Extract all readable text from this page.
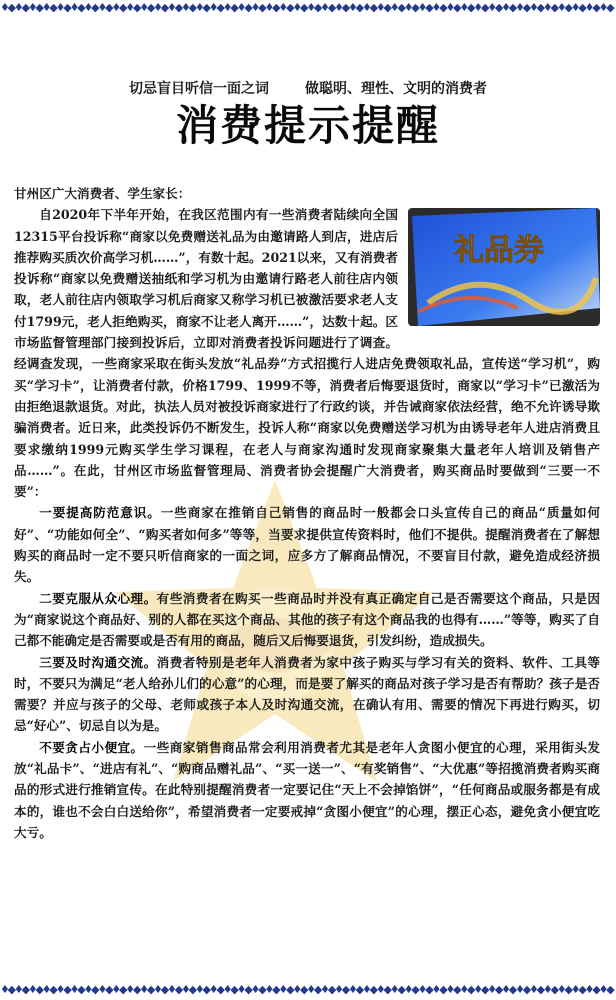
♦◆♦◆♦◆♦◆♦◆♦◆♦◆♦◆♦◆♦◆♦◆♦◆♦◆♦◆♦◆♦◆♦◆♦◆♦◆♦◆♦◆♦◆♦◆♦◆♦◆♦◆♦◆♦◆♦◆♦◆♦◆♦◆♦◆♦◆♦◆♦◆♦◆♦◆♦◆♦◆♦◆♦◆♦◆♦◆
切忌盲目听信一面之词	做聪明、理性、文明的消费者
消费提示提醒

甘州区广大消费者、学生家长：

礼品券
自2020年下半年开始，在我区范围内有一些消费者陆续向全国12315平台投诉称“商家以免费赠送礼品为由邀请路人到店，进店后推荐购买质次价高学习机……”，有数十起。2021以来，又有消费者投诉称“商家以免费赠送抽纸和学习机为由邀请行路老人前往店内领取，老人前往店内领取学习机后商家又称学习机已被激活要求老人支付1799元，老人拒绝购买，商家不让老人离开……”，达数十起。区市场监督管理部门接到投诉后，立即对消费者投诉问题进行了调查。经调查发现，一些商家采取在街头发放“礼品券”方式招揽行人进店免费领取礼品，宣传送“学习机”，购买“学习卡”，让消费者付款，价格1799、1999不等，消费者后悔要退货时，商家以“学习卡”已激活为由拒绝退款退货。对此，执法人员对被投诉商家进行了行政约谈，并告诫商家依法经营，绝不允许诱导欺骗消费者。近日来，此类投诉仍不断发生，投诉人称“商家以免费赠送学习机为由诱导老年人进店消费且要求缴纳1999元购买学生学习课程，在老人与商家沟通时发现商家聚集大量老年人培训及销售产品……”。在此，甘州区市场监督管理局、消费者协会提醒广大消费者，购买商品时要做到“三要一不要”：

一要提高防范意识。一些商家在推销自己销售的商品时一般都会口头宣传自己的商品“质量如何好”、“功能如何全”、“购买者如何多”等等，当要求提供宣传资料时，他们不提供。提醒消费者在了解想购买的商品时一定不要只听信商家的一面之词，应多方了解商品情况，不要盲目付款，避免造成经济损失。

二要克服从众心理。有些消费者在购买一些商品时并没有真正确定自己是否需要这个商品，只是因为“商家说这个商品好、别的人都在买这个商品、其他的孩子有这个商品我的也得有……”等等，购买了自己都不能确定是否需要或是否有用的商品，随后又后悔要退货，引发纠纷，造成损失。

三要及时沟通交流。消费者特别是老年人消费者为家中孩子购买与学习有关的资料、软件、工具等时，不要只为满足“老人给孙儿们的心意”的心理，而是要了解买的商品对孩子学习是否有帮助？孩子是否需要？并应与孩子的父母、老师或孩子本人及时沟通交流，在确认有用、需要的情况下再进行购买，切忌“好心”、切忌自以为是。

不要贪占小便宜。一些商家销售商品常会利用消费者尤其是老年人贪图小便宜的心理，采用街头发放“礼品卡”、“进店有礼”、“购商品赠礼品”、“买一送一”、“有奖销售”、“大优惠”等招揽消费者购买商品的形式进行推销宣传。在此特别提醒消费者一定要记住“天上不会掉馅饼”，“任何商品或服务都是有成本的，谁也不会白白送给你”，希望消费者一定要戒掉“贪图小便宜”的心理，摆正心态，避免贪小便宜吃大亏。

♦◆♦◆♦◆♦◆♦◆♦◆♦◆♦◆♦◆♦◆♦◆♦◆♦◆♦◆♦◆♦◆♦◆♦◆♦◆♦◆♦◆♦◆♦◆♦◆♦◆♦◆♦◆♦◆♦◆♦◆♦◆♦◆♦◆♦◆♦◆♦◆♦◆♦◆♦◆♦◆♦◆♦◆♦◆♦◆
